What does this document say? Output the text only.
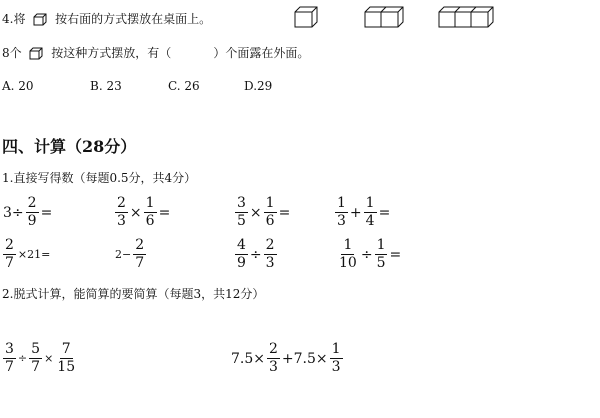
4.将 按右面的方式摆放在桌面上。
8个 按这种方式摆放，有（	）个面露在外面。
A. 20	B. 23	C. 26	D.29
四、计算（28分）
1.直接写得数（每题0.5分，共4分）
$3\div \frac{2}{9}$ =	$\frac{2}{3} \times \frac{1}{6}$ =	$\frac{3}{5} \times \frac{1}{6}$ =	$\frac{1}{3} + \frac{1}{4}$ =
$\frac{2}{7} \times 21=$	$2- \frac{2}{7}$	$\frac{4}{9} \div \frac{2}{3}$	$\frac{1}{10} \div \frac{1}{5}$ =
2.脱式计算，能简算的要简算（每题3，共12分）
$\frac{3}{7} \div \frac{5}{7} \times \frac{7}{15}$	$7.5\times \frac{2}{3} +7.5\times \frac{1}{3}$
